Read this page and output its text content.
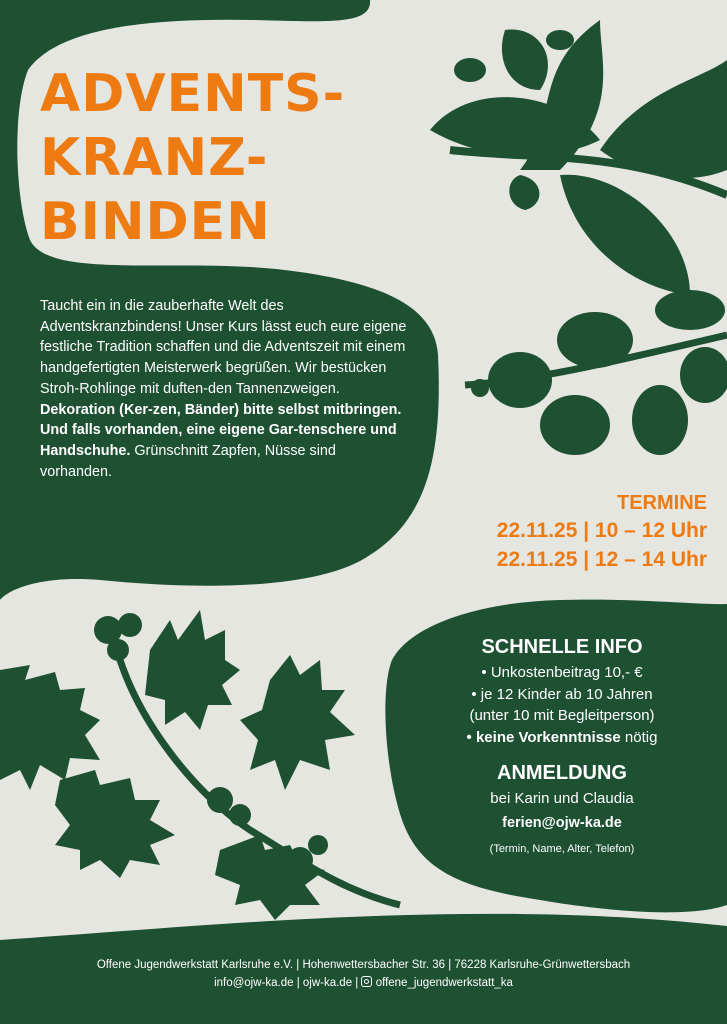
ADVENTS-
KRANZ-
BINDEN
Taucht ein in die zauberhafte Welt des Adventskranzbindens! Unser Kurs lässt euch eure eigene festliche Tradition schaffen und die Adventszeit mit einem handgefertigten Meisterwerk begrüßen. Wir bestücken Stroh-Rohlinge mit duften-den Tannenzweigen. Dekoration (Ker-zen, Bänder) bitte selbst mitbringen. Und falls vorhanden, eine eigene Gar-tenschere und Handschuhe. Grünschnitt Zapfen, Nüsse sind vorhanden.
TERMINE
22.11.25 | 10 – 12 Uhr
22.11.25 | 12 – 14 Uhr
SCHNELLE INFO
• Unkostenbeitrag 10,- €
• je 12 Kinder ab 10 Jahren
(unter 10 mit Begleitperson)
• keine Vorkenntnisse nötig
ANMELDUNG
bei Karin und Claudia
ferien@ojw-ka.de
(Termin, Name, Alter, Telefon)
Offene Jugendwerkstatt Karlsruhe e.V. | Hohenwettersbacher Str. 36 | 76228 Karlsruhe-Grünwettersbach
info@ojw-ka.de | ojw-ka.de | offene_jugendwerkstatt_ka
